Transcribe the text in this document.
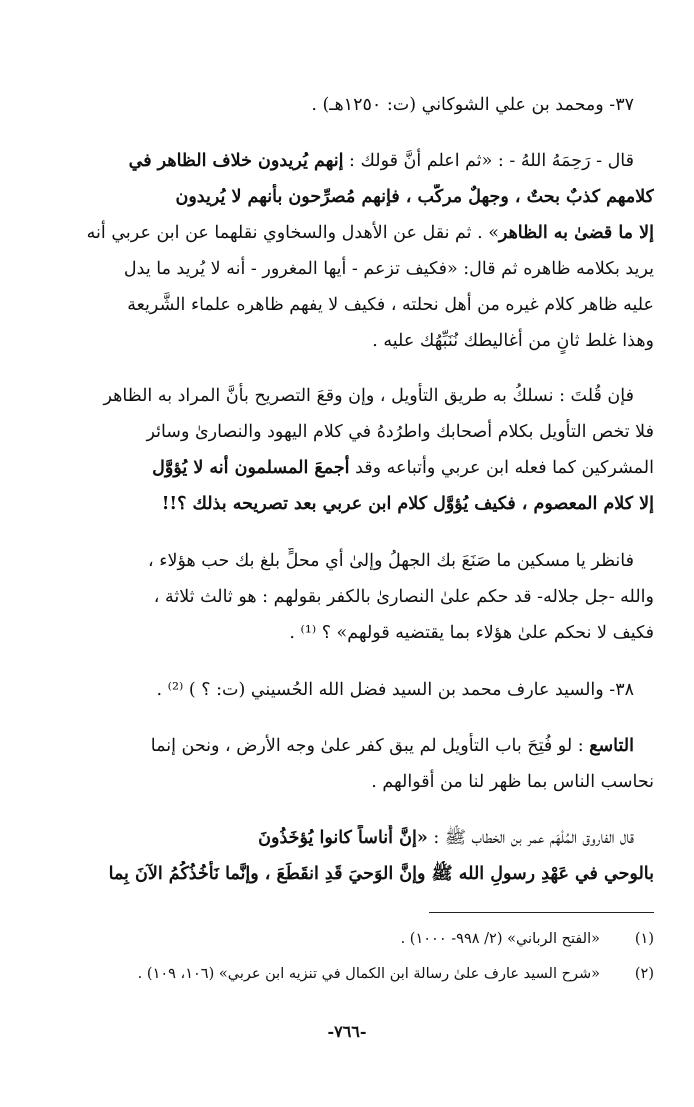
٣٧- ومحمد بن علي الشوكاني (ت: ١٢٥٠هـ) .
قال - رَحِمَهُ اللهُ - : «ثم اعلم أنَّ قولك : إنهم يُريدون خلاف الظاهر في
كلامهم كذبٌ بحتٌ ، وجهلٌ مركّب ، فإنهم مُصرِّحون بأنهم لا يُريدون
إلا ما قضىٰ به الظاهر» . ثم نقل عن الأهدل والسخاوي نقلهما عن ابن عربي أنه
يريد بكلامه ظاهره ثم قال: «فكيف تزعم - أيها المغرور - أنه لا يُريد ما يدل
عليه ظاهر كلام غيره من أهل نحلته ، فكيف لا يفهم ظاهره علماء الشَّريعة
وهذا غلط ثانٍ من أغاليطك نُنَبِّهُك عليه .
فإن قُلتَ : نسلكُ به طريق التأويل ، وإن وقعَ التصريح بأنَّ المراد به الظاهر
فلا تخص التأويل بكلام أصحابك واطرُدهُ في كلام اليهود والنصارىٰ وسائر
المشركين كما فعله ابن عربي وأتباعه وقد أجمعَ المسلمون أنه لا يُؤوَّل
إلا كلام المعصوم ، فكيف يُؤوَّل كلام ابن عربي بعد تصريحه بذلك ؟!!
فانظر يا مسكين ما صَنَعَ بك الجهلُ وإلىٰ أي محلٍّ بلغ بك حب هؤلاء ،
والله -جل جلاله- قد حكم علىٰ النصارىٰ بالكفر بقولهم : هو ثالث ثلاثة ،
فكيف لا نحكم علىٰ هؤلاء بما يقتضيه قولهم» ؟ ⁽¹⁾ .
٣٨- والسيد عارف محمد بن السيد فضل الله الحُسيني (ت: ؟ ) ⁽²⁾ .
التاسع : لو فُتِحَ باب التأويل لم يبق كفر علىٰ وجه الأرض ، ونحن إنما
نحاسب الناس بما ظهر لنا من أقوالهم .
قال الفاروق المُلْهَم عمر بن الخطاب ﷺ : «إنَّ أُناساً كانوا يُؤخَذُونَ
بالوحي في عَهْدِ رسولِ الله ﷺ وإنَّ الوَحيَ قَدِ انقَطَعَ ، وإنَّما نَأخُذُكُمُ الآنَ بِما
(١)«الفتح الرباني» (٢/ ٩٩٨- ١٠٠٠) .
(٢)«شرح السيد عارف علىٰ رسالة ابن الكمال في تنزيه ابن عربي» (١٠٦، ١٠٩) .
-٧٦٦-
